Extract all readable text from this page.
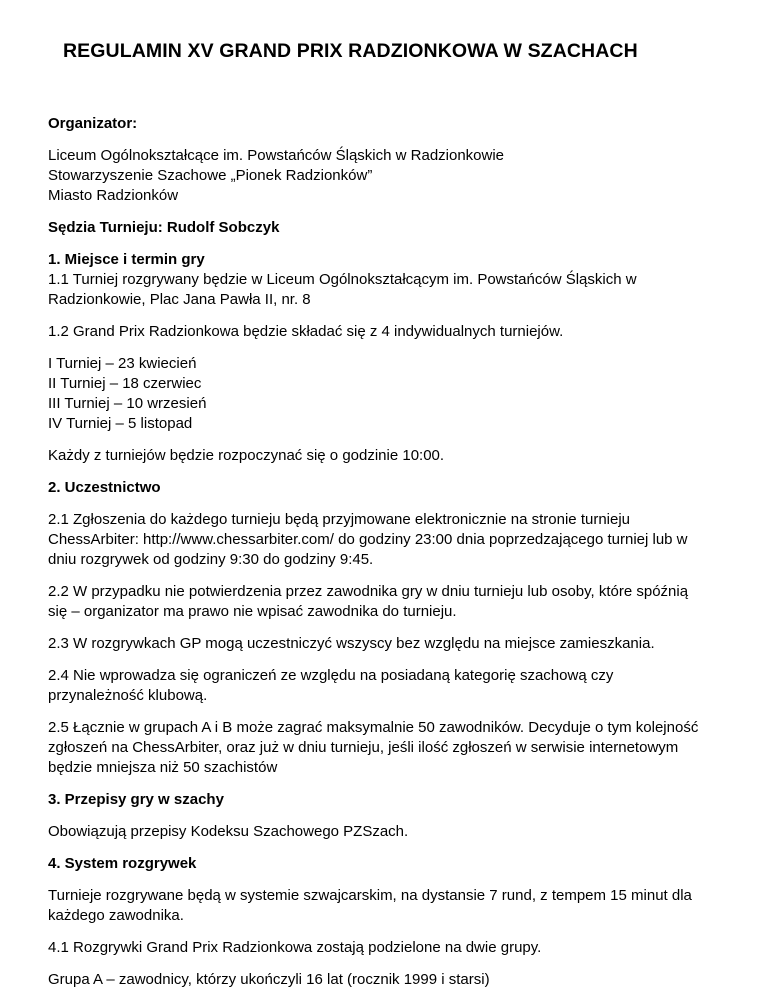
REGULAMIN XV GRAND PRIX RADZIONKOWA W SZACHACH

Organizator:

Liceum Ogólnokształcące im. Powstańców Śląskich w Radzionkowie
Stowarzyszenie Szachowe „Pionek Radzionków”
Miasto Radzionków

Sędzia Turnieju: Rudolf Sobczyk

1. Miejsce i termin gry
1.1 Turniej rozgrywany będzie w Liceum Ogólnokształcącym im. Powstańców Śląskich w
Radzionkowie, Plac Jana Pawła II, nr. 8

1.2 Grand Prix Radzionkowa będzie składać się z 4 indywidualnych turniejów.

I Turniej – 23 kwiecień
II Turniej – 18 czerwiec
III Turniej – 10 wrzesień
IV Turniej – 5 listopad

Każdy z turniejów będzie rozpoczynać się o godzinie 10:00.

2. Uczestnictwo

2.1 Zgłoszenia do każdego turnieju będą przyjmowane elektronicznie na stronie turnieju
ChessArbiter: http://www.chessarbiter.com/ do godziny 23:00 dnia poprzedzającego turniej lub w
dniu rozgrywek od godziny 9:30 do godziny 9:45.

2.2 W przypadku nie potwierdzenia przez zawodnika gry w dniu turnieju lub osoby, które spóźnią
się – organizator ma prawo nie wpisać zawodnika do turnieju.

2.3 W rozgrywkach GP mogą uczestniczyć wszyscy bez względu na miejsce zamieszkania.

2.4 Nie wprowadza się ograniczeń ze względu na posiadaną kategorię szachową czy
przynależność klubową.

2.5 Łącznie w grupach A i B może zagrać maksymalnie 50 zawodników. Decyduje o tym kolejność
zgłoszeń na ChessArbiter, oraz już w dniu turnieju, jeśli ilość zgłoszeń w serwisie internetowym
będzie mniejsza niż 50 szachistów

3. Przepisy gry w szachy

Obowiązują przepisy Kodeksu Szachowego PZSzach.

4. System rozgrywek

Turnieje rozgrywane będą w systemie szwajcarskim, na dystansie 7 rund, z tempem 15 minut dla
każdego zawodnika.

4.1 Rozgrywki Grand Prix Radzionkowa zostają podzielone na dwie grupy.

Grupa A – zawodnicy, którzy ukończyli 16 lat (rocznik 1999 i starsi)
